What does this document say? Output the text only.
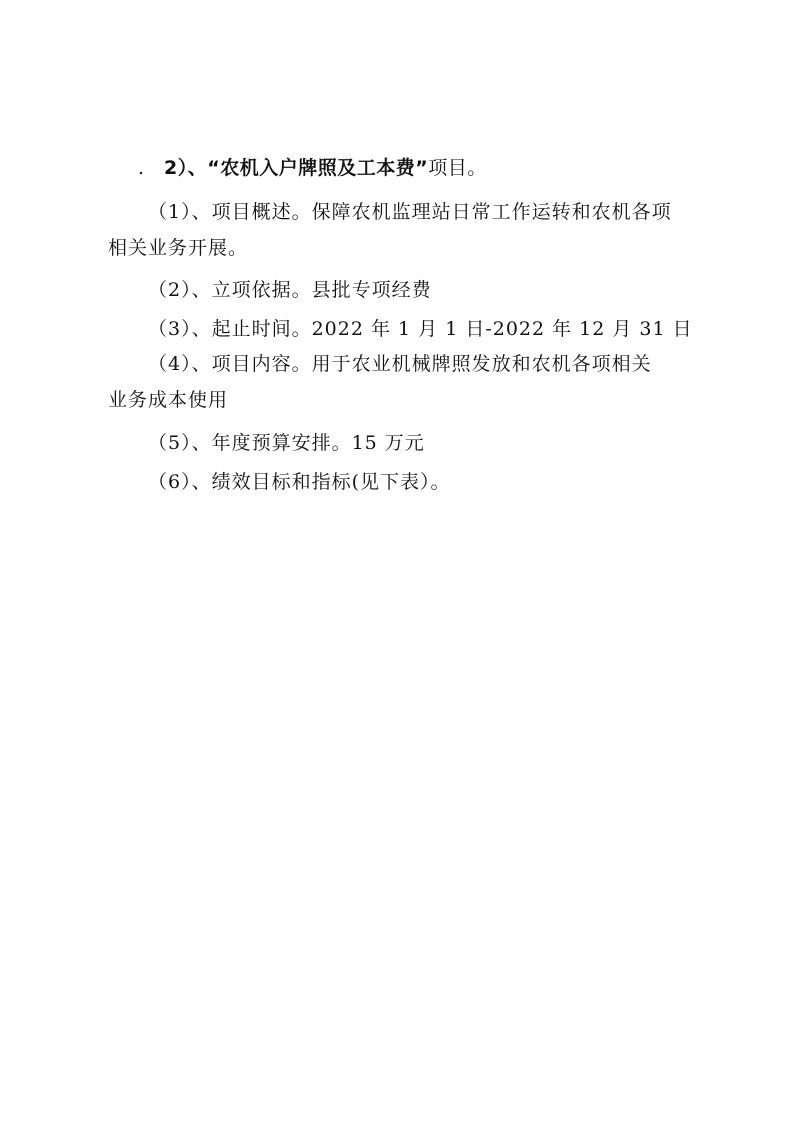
. 2）、“农机入户牌照及工本费”项目。
（1）、项目概述。保障农机监理站日常工作运转和农机各项
相关业务开展。
（2）、立项依据。县批专项经费
（3）、起止时间。2022 年 1 月 1 日-2022 年 12 月 31 日
（4）、项目内容。用于农业机械牌照发放和农机各项相关
业务成本使用
（5）、年度预算安排。15 万元
（6）、绩效目标和指标(见下表）。
